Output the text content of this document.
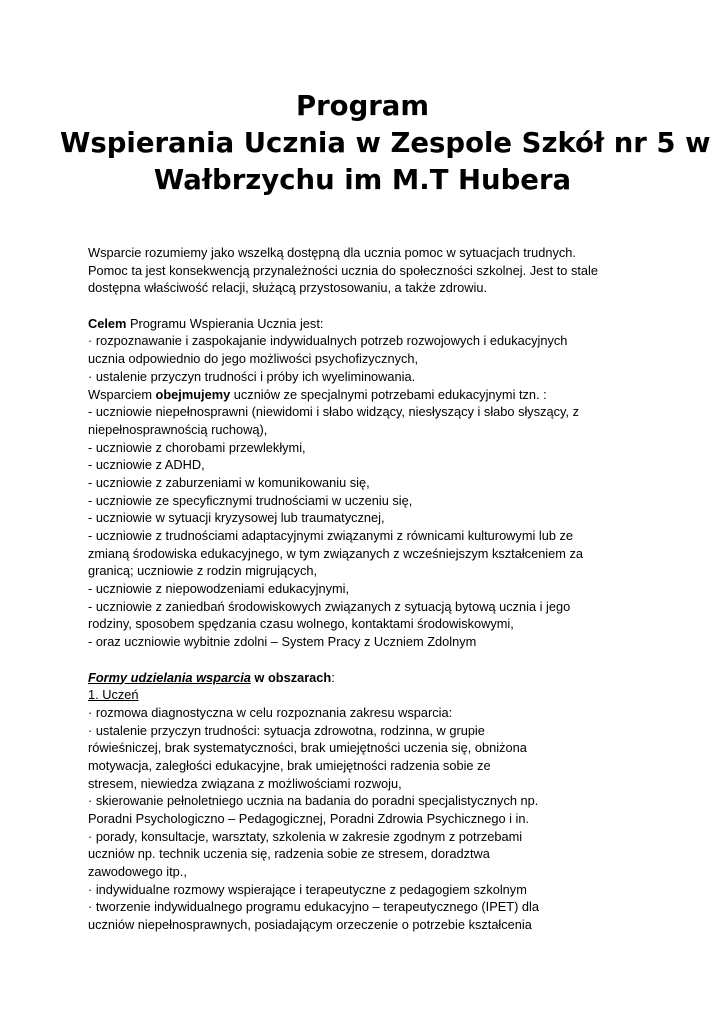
Program
Wspierania Ucznia w Zespole Szkół nr 5 w
Wałbrzychu im M.T Hubera
Wsparcie rozumiemy jako wszelką dostępną dla ucznia pomoc w sytuacjach trudnych.
Pomoc ta jest konsekwencją przynależności ucznia do społeczności szkolnej. Jest to stale
dostępna właściwość relacji, służącą przystosowaniu, a także zdrowiu.
Celem Programu Wspierania Ucznia jest:
· rozpoznawanie i zaspokajanie indywidualnych potrzeb rozwojowych i edukacyjnych
uczni​a odpowiednio do jego możliwości psychofizycznych,
· ustalenie przyczyn trudności i próby ich wyeliminowania.
Wsparciem obejmujemy uczniów ze specjalnymi potrzebami edukacyjnymi tzn. :
- uczniowie niepełnosprawni (niewidomi i słabo widzący, niesłyszący i słabo słyszący, z
niepełnosprawnością ruchową),
- uczniowie z chorobami przewlekłymi,
- uczniowie z ADHD,
- uczniowie z zaburzeniami w komunikowaniu się,
- uczniowie ze specyficznymi trudnościami w uczeniu się,
- uczniowie w sytuacji kryzysowej lub traumatycznej,
- uczniowie z trudnościami adaptacyjnymi związanymi z równicami kulturowymi lub ze
zmianą środowiska edukacyjnego, w tym związanych z wcześniejszym kształceniem za
granicą; uczniowie z rodzin migrujących,
- uczniowie z niepowodzeniami edukacyjnymi,
- uczniowie z zaniedbań środowiskowych związanych z sytuacją bytową ucznia i jego
rodziny, sposobem spędzania czasu wolnego, kontaktami środowiskowymi,
- oraz uczniowie wybitnie zdolni – System Pracy z Uczniem Zdolnym
Formy udzielania wsparcia w obszarach:
1. Uczeń
· rozmowa diagnostyczna w celu rozpoznania zakresu wsparcia:
· ustalenie przyczyn trudności: sytuacja zdrowotna, rodzinna, w grupie
rówieśniczej, brak systematyczności, brak umiejętności uczenia się, obniżona
motywacja, zaległości edukacyjne, brak umiejętności radzenia sobie ze
stresem, niewiedza związana z możliwościami rozwoju,
· skierowanie pełnoletniego ucznia na badania do poradni specjalistycznych np.
Poradni Psychologiczno – Pedagogicznej, Poradni Zdrowia Psychicznego i in.
· porady, konsultacje, warsztaty, szkolenia w zakresie zgodnym z potrzebami
uczniów np. technik uczenia się, radzenia sobie ze stresem, doradztwa
zawodowego itp.,
· indywidualne rozmowy wspierające i terapeutyczne z pedagogiem szkolnym
· tworzenie indywidualnego programu edukacyjno – terapeutycznego (IPET) dla
uczniów niepełnosprawnych, posiadającym orzeczenie o potrzebie kształcenia
